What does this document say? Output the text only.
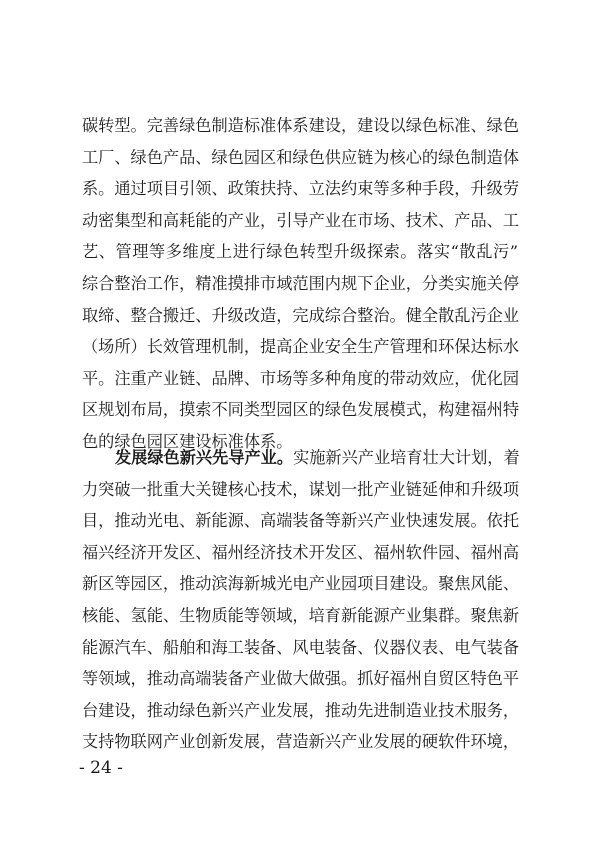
碳转型。完善绿色制造标准体系建设，建设以绿色标准、绿色
工厂、绿色产品、绿色园区和绿色供应链为核心的绿色制造体
系。通过项目引领、政策扶持、立法约束等多种手段，升级劳
动密集型和高耗能的产业，引导产业在市场、技术、产品、工
艺、管理等多维度上进行绿色转型升级探索。落实“散乱污”
综合整治工作，精准摸排市域范围内规下企业，分类实施关停
取缔、整合搬迁、升级改造，完成综合整治。健全散乱污企业
（场所）长效管理机制，提高企业安全生产管理和环保达标水
平。注重产业链、品牌、市场等多种角度的带动效应，优化园
区规划布局，摸索不同类型园区的绿色发展模式，构建福州特
色的绿色园区建设标准体系。
发展绿色新兴先导产业。实施新兴产业培育壮大计划，着
力突破一批重大关键核心技术，谋划一批产业链延伸和升级项
目，推动光电、新能源、高端装备等新兴产业快速发展。依托
福兴经济开发区、福州经济技术开发区、福州软件园、福州高
新区等园区，推动滨海新城光电产业园项目建设。聚焦风能、
核能、氢能、生物质能等领域，培育新能源产业集群。聚焦新
能源汽车、船舶和海工装备、风电装备、仪器仪表、电气装备
等领域，推动高端装备产业做大做强。抓好福州自贸区特色平
台建设，推动绿色新兴产业发展，推动先进制造业技术服务，
支持物联网产业创新发展，营造新兴产业发展的硬软件环境，
- 24 -
